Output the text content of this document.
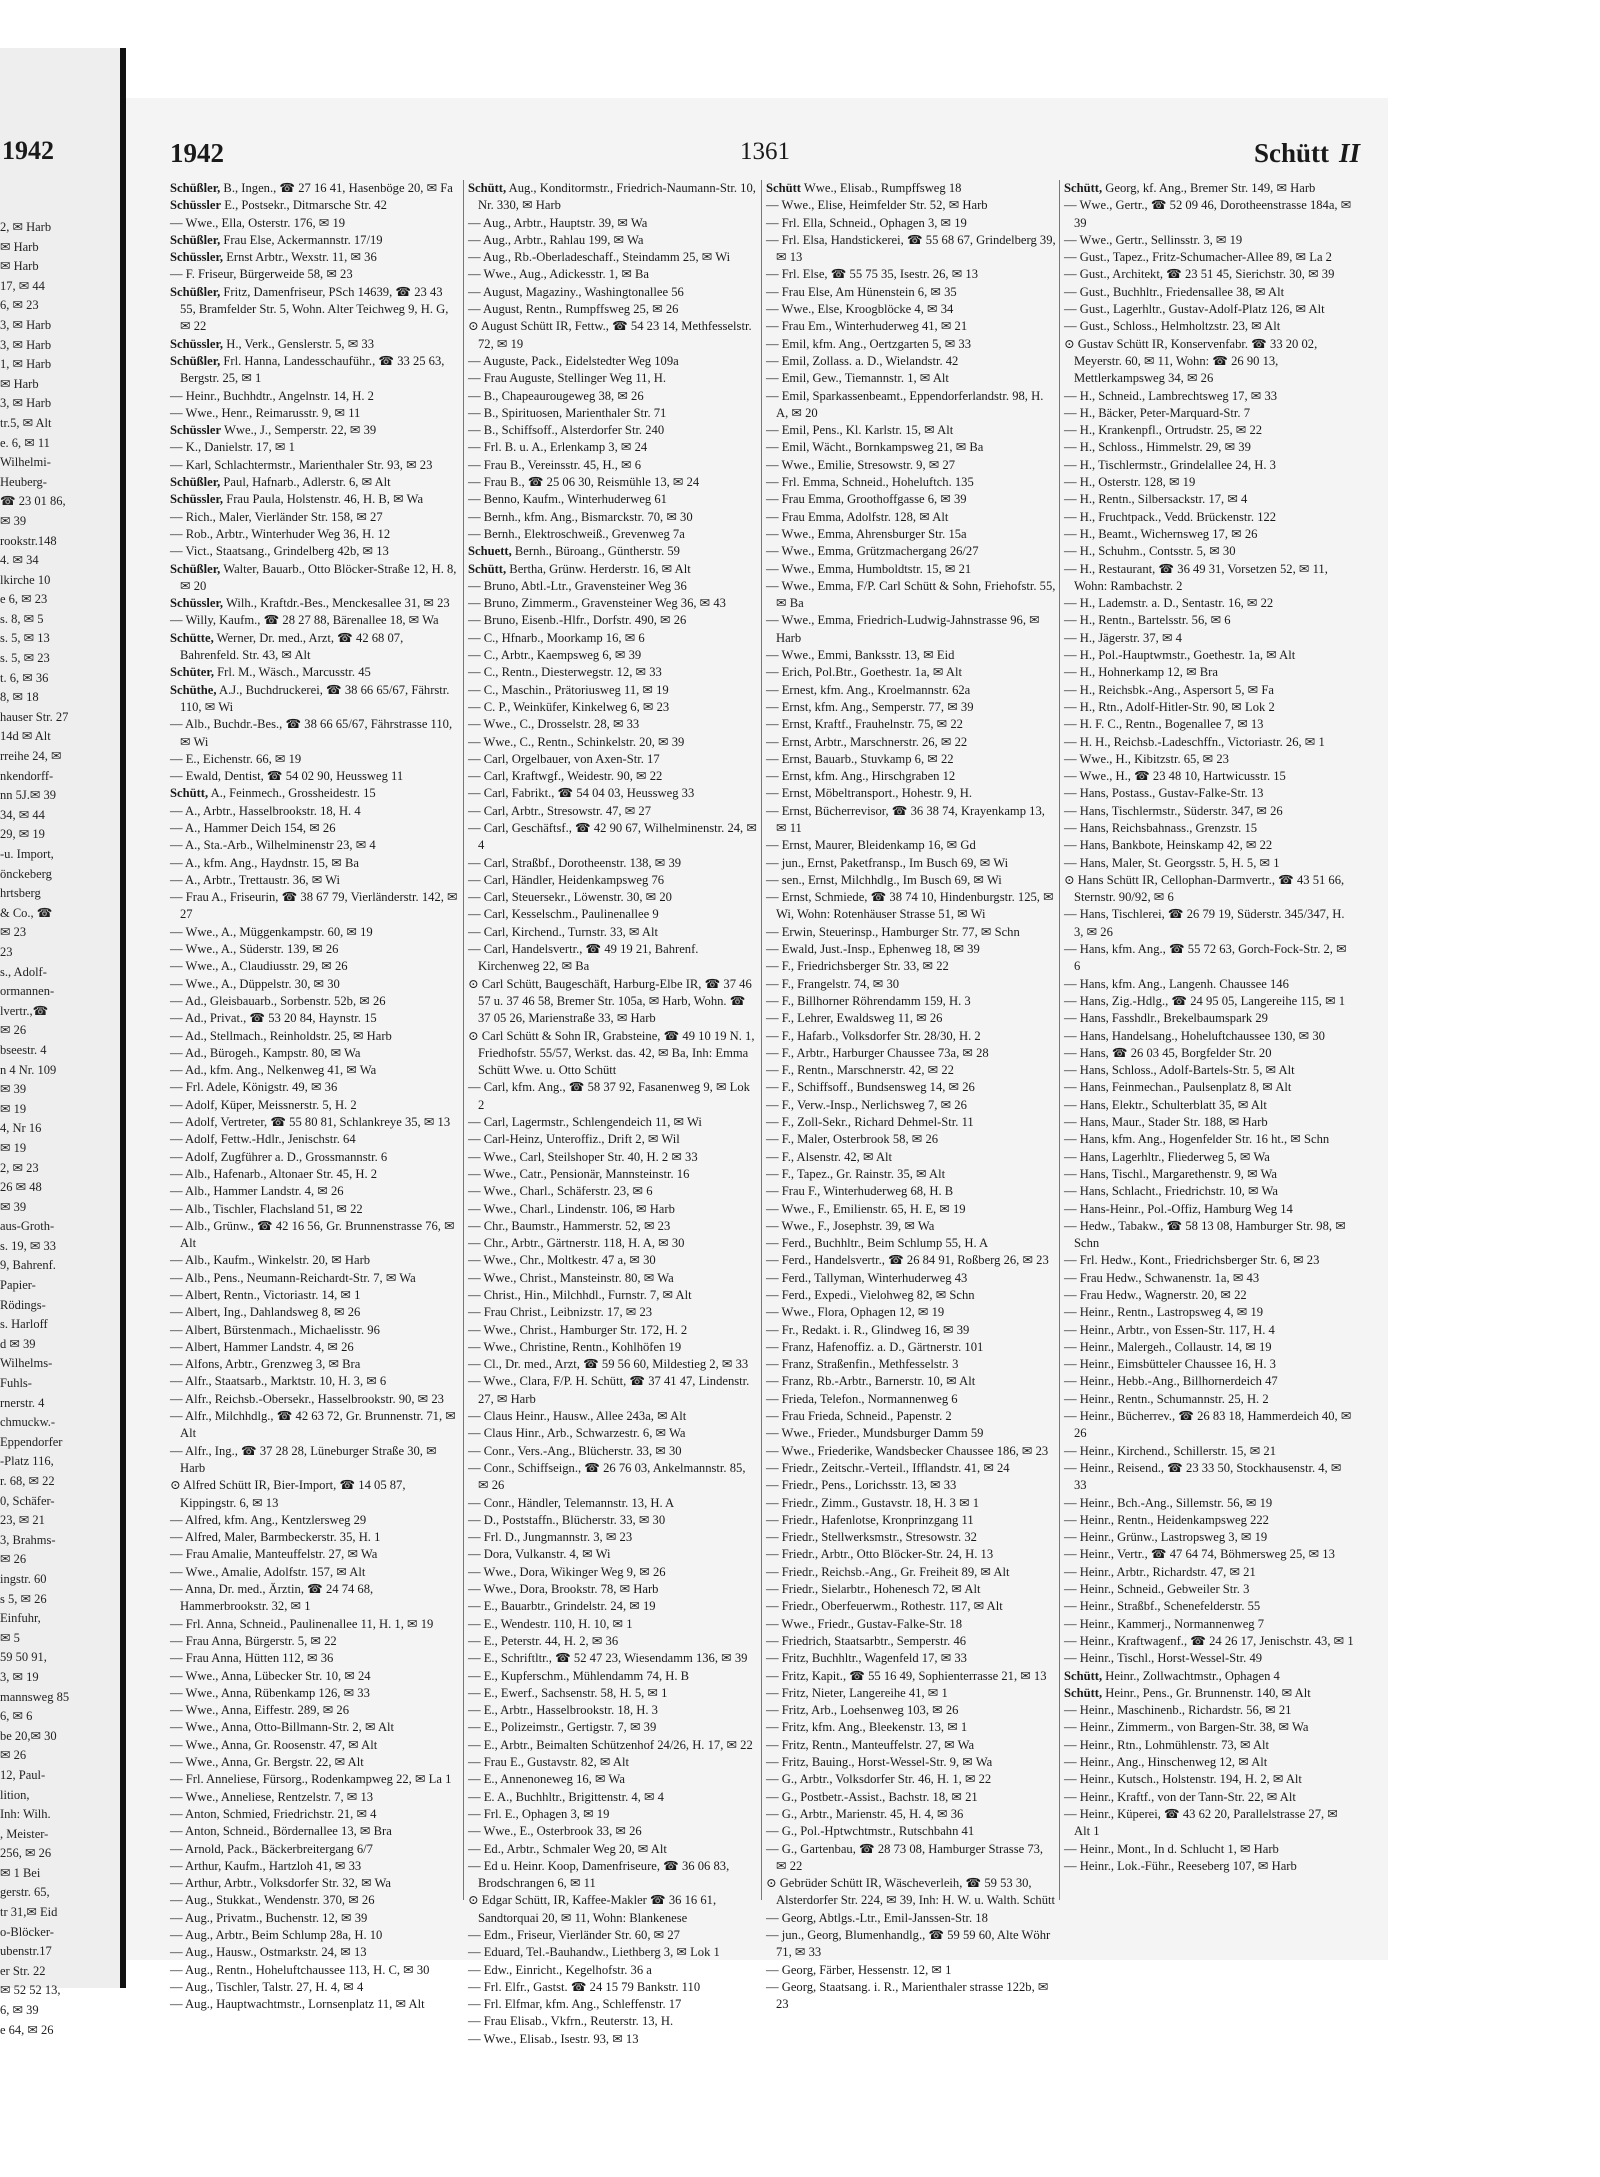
1942
2, ✉ Harb
✉ Harb
✉ Harb
17, ✉ 44
6, ✉ 23
3, ✉ Harb
3, ✉ Harb
1, ✉ Harb
✉ Harb
3, ✉ Harb
tr.5, ✉ Alt
e. 6, ✉ 11
Wilhelmi-
Heuberg-
☎ 23 01 86,
✉ 39
rookstr.148
4. ✉ 34
lkirche 10
e 6, ✉ 23
s. 8, ✉ 5
s. 5, ✉ 13
s. 5, ✉ 23
t. 6, ✉ 36
8, ✉ 18
hauser Str. 27
14d ✉ Alt
rreihe 24, ✉
nkendorff-
nn 5J.✉ 39
34, ✉ 44
29, ✉ 19
-u. Import,
önckeberg
hrtsberg
& Co., ☎
✉ 23
23
s., Adolf-
ormannen-
lvertr.,☎
✉ 26
bseestr. 4
n 4 Nr. 109
✉ 39
✉ 19
4, Nr 16
✉ 19
2, ✉ 23
26 ✉ 48
✉ 39
aus-Groth-
s. 19, ✉ 33
9, Bahrenf.
Papier-
Rödings-
s. Harloff
d ✉ 39
Wilhelms-
Fuhls-
rnerstr. 4
chmuckw.-
Eppendorfer
-Platz 116,
r. 68, ✉ 22
0, Schäfer-
23, ✉ 21
3, Brahms-
✉ 26
ingstr. 60
s 5, ✉ 26
Einfuhr,
✉ 5
59 50 91,
3, ✉ 19
mannsweg 85
6, ✉ 6
be 20,✉ 30
✉ 26
12, Paul-
lition,
Inh: Wilh.
, Meister-
256, ✉ 26
✉ 1 Bei
gerstr. 65,
tr 31,✉ Eid
o-Blöcker-
ubenstr.17
er Str. 22
✉ 52 52 13,
6, ✉ 39
e 64, ✉ 26
1942	1361	Schütt II
Schüßler, B., Ingen., ☎ 27 16 41, Hasenböge 20, ✉ Fa
Schüssler E., Postsekr., Ditmarsche Str. 42
— Wwe., Ella, Osterstr. 176, ✉ 19
Schüßler, Frau Else, Ackermannstr. 17/19
Schüssler, Ernst Arbtr., Wexstr. 11, ✉ 36
— F. Friseur, Bürgerweide 58, ✉ 23
Schüßler, Fritz, Damenfriseur, PSch 14639, ☎ 23 43 55, Bramfelder Str. 5, Wohn. Alter Teichweg 9, H. G, ✉ 22
Schüssler, H., Verk., Genslerstr. 5, ✉ 33
Schüßler, Frl. Hanna, Landesschauführ., ☎ 33 25 63, Bergstr. 25, ✉ 1
— Heinr., Buchhdtr., Angelnstr. 14, H. 2
— Wwe., Henr., Reimarusstr. 9, ✉ 11
Schüssler Wwe., J., Semperstr. 22, ✉ 39
— K., Danielstr. 17, ✉ 1
— Karl, Schlachtermstr., Marienthaler Str. 93, ✉ 23
Schüßler, Paul, Hafnarb., Adlerstr. 6, ✉ Alt
Schüssler, Frau Paula, Holstenstr. 46, H. B, ✉ Wa
— Rich., Maler, Vierländer Str. 158, ✉ 27
— Rob., Arbtr., Winterhuder Weg 36, H. 12
— Vict., Staatsang., Grindelberg 42b, ✉ 13
Schüßler, Walter, Bauarb., Otto Blöcker-Straße 12, H. 8, ✉ 20
Schüssler, Wilh., Kraftdr.-Bes., Menckesallee 31, ✉ 23
— Willy, Kaufm., ☎ 28 27 88, Bärenallee 18, ✉ Wa
Schütte, Werner, Dr. med., Arzt, ☎ 42 68 07, Bahrenfeld. Str. 43, ✉ Alt
Schüter, Frl. M., Wäsch., Marcusstr. 45
Schüthe, A.J., Buchdruckerei, ☎ 38 66 65/67, Fährstr. 110, ✉ Wi
— Alb., Buchdr.-Bes., ☎ 38 66 65/67, Fährstrasse 110, ✉ Wi
— E., Eichenstr. 66, ✉ 19
— Ewald, Dentist, ☎ 54 02 90, Heussweg 11
Schütt, A., Feinmech., Grossheidestr. 15
— A., Arbtr., Hasselbrookstr. 18, H. 4
— A., Hammer Deich 154, ✉ 26
— A., Sta.-Arb., Wilhelminenstr 23, ✉ 4
— A., kfm. Ang., Haydnstr. 15, ✉ Ba
— A., Arbtr., Trettaustr. 36, ✉ Wi
— Frau A., Friseurin, ☎ 38 67 79, Vierländerstr. 142, ✉ 27
— Wwe., A., Müggenkampstr. 60, ✉ 19
— Wwe., A., Süderstr. 139, ✉ 26
— Wwe., A., Claudiusstr. 29, ✉ 26
— Wwe., A., Düppelstr. 30, ✉ 30
— Ad., Gleisbauarb., Sorbenstr. 52b, ✉ 26
— Ad., Privat., ☎ 53 20 84, Haynstr. 15
— Ad., Stellmach., Reinholdstr. 25, ✉ Harb
— Ad., Bürogeh., Kampstr. 80, ✉ Wa
— Ad., kfm. Ang., Nelkenweg 41, ✉ Wa
— Frl. Adele, Königstr. 49, ✉ 36
— Adolf, Küper, Meissnerstr. 5, H. 2
— Adolf, Vertreter, ☎ 55 80 81, Schlankreye 35, ✉ 13
— Adolf, Fettw.-Hdlr., Jenischstr. 64
— Adolf, Zugführer a. D., Grossmannstr. 6
— Alb., Hafenarb., Altonaer Str. 45, H. 2
— Alb., Hammer Landstr. 4, ✉ 26
— Alb., Tischler, Flachsland 51, ✉ 22
— Alb., Grünw., ☎ 42 16 56, Gr. Brunnenstrasse 76, ✉ Alt
— Alb., Kaufm., Winkelstr. 20, ✉ Harb
— Alb., Pens., Neumann-Reichardt-Str. 7, ✉ Wa
— Albert, Rentn., Victoriastr. 14, ✉ 1
— Albert, Ing., Dahlandsweg 8, ✉ 26
— Albert, Bürstenmach., Michaelisstr. 96
— Albert, Hammer Landstr. 4, ✉ 26
— Alfons, Arbtr., Grenzweg 3, ✉ Bra
— Alfr., Staatsarb., Marktstr. 10, H. 3, ✉ 6
— Alfr., Reichsb.-Obersekr., Hasselbrookstr. 90, ✉ 23
— Alfr., Milchhdlg., ☎ 42 63 72, Gr. Brunnenstr. 71, ✉ Alt
— Alfr., Ing., ☎ 37 28 28, Lüneburger Straße 30, ✉ Harb
⊙ Alfred Schütt IR, Bier-Import, ☎ 14 05 87, Kippingstr. 6, ✉ 13
— Alfred, kfm. Ang., Kentzlersweg 29
— Alfred, Maler, Barmbeckerstr. 35, H. 1
— Frau Amalie, Manteuffelstr. 27, ✉ Wa
— Wwe., Amalie, Adolfstr. 157, ✉ Alt
— Anna, Dr. med., Ärztin, ☎ 24 74 68, Hammerbrookstr. 32, ✉ 1
— Frl. Anna, Schneid., Paulinenallee 11, H. 1, ✉ 19
— Frau Anna, Bürgerstr. 5, ✉ 22
— Frau Anna, Hütten 112, ✉ 36
— Wwe., Anna, Lübecker Str. 10, ✉ 24
— Wwe., Anna, Rübenkamp 126, ✉ 33
— Wwe., Anna, Eiffestr. 289, ✉ 26
— Wwe., Anna, Otto-Billmann-Str. 2, ✉ Alt
— Wwe., Anna, Gr. Roosenstr. 47, ✉ Alt
— Wwe., Anna, Gr. Bergstr. 22, ✉ Alt
— Frl. Anneliese, Fürsorg., Rodenkampweg 22, ✉ La 1
— Wwe., Anneliese, Rentzelstr. 7, ✉ 13
— Anton, Schmied, Friedrichstr. 21, ✉ 4
— Anton, Schneid., Bördernallee 13, ✉ Bra
— Arnold, Pack., Bäckerbreitergang 6/7
— Arthur, Kaufm., Hartzloh 41, ✉ 33
— Arthur, Arbtr., Volksdorfer Str. 32, ✉ Wa
— Aug., Stukkat., Wendenstr. 370, ✉ 26
— Aug., Privatm., Buchenstr. 12, ✉ 39
— Aug., Arbtr., Beim Schlump 28a, H. 10
— Aug., Hausw., Ostmarkstr. 24, ✉ 13
— Aug., Rentn., Hoheluftchaussee 113, H. C, ✉ 30
— Aug., Tischler, Talstr. 27, H. 4, ✉ 4
— Aug., Hauptwachtmstr., Lornsenplatz 11, ✉ Alt
Schütt, Aug., Konditormstr., Friedrich-Naumann-Str. 10, Nr. 330, ✉ Harb
— Aug., Arbtr., Hauptstr. 39, ✉ Wa
— Aug., Arbtr., Rahlau 199, ✉ Wa
— Aug., Rb.-Oberladeschaff., Steindamm 25, ✉ Wi
— Wwe., Aug., Adickesstr. 1, ✉ Ba
— August, Magaziny., Washingtonallee 56
— August, Rentn., Rumpffsweg 25, ✉ 26
⊙ August Schütt IR, Fettw., ☎ 54 23 14, Methfesselstr. 72, ✉ 19
— Auguste, Pack., Eidelstedter Weg 109a
— Frau Auguste, Stellinger Weg 11, H.
— B., Chapeaurougeweg 38, ✉ 26
— B., Spirituosen, Marienthaler Str. 71
— B., Schiffsoff., Alsterdorfer Str. 240
— Frl. B. u. A., Erlenkamp 3, ✉ 24
— Frau B., Vereinsstr. 45, H., ✉ 6
— Frau B., ☎ 25 06 30, Reismühle 13, ✉ 24
— Benno, Kaufm., Winterhuderweg 61
— Bernh., kfm. Ang., Bismarckstr. 70, ✉ 30
— Bernh., Elektroschweiß., Grevenweg 7a
Schuett, Bernh., Büroang., Güntherstr. 59
Schütt, Bertha, Grünw. Herderstr. 16, ✉ Alt
— Bruno, Abtl.-Ltr., Gravensteiner Weg 36
— Bruno, Zimmerm., Gravensteiner Weg 36, ✉ 43
— Bruno, Eisenb.-Hlfr., Dorfstr. 490, ✉ 26
— C., Hfnarb., Moorkamp 16, ✉ 6
— C., Arbtr., Kaempsweg 6, ✉ 39
— C., Rentn., Diesterwegstr. 12, ✉ 33
— C., Maschin., Prätoriusweg 11, ✉ 19
— C. P., Weinküfer, Kinkelweg 6, ✉ 23
— Wwe., C., Drosselstr. 28, ✉ 33
— Wwe., C., Rentn., Schinkelstr. 20, ✉ 39
— Carl, Orgelbauer, von Axen-Str. 17
— Carl, Kraftwgf., Weidestr. 90, ✉ 22
— Carl, Fabrikt., ☎ 54 04 03, Heussweg 33
— Carl, Arbtr., Stresowstr. 47, ✉ 27
— Carl, Geschäftsf., ☎ 42 90 67, Wilhelminenstr. 24, ✉ 4
— Carl, Straßbf., Dorotheenstr. 138, ✉ 39
— Carl, Händler, Heidenkampsweg 76
— Carl, Steuersekr., Löwenstr. 30, ✉ 20
— Carl, Kesselschm., Paulinenallee 9
— Carl, Kirchend., Turnstr. 33, ✉ Alt
— Carl, Handelsvertr., ☎ 49 19 21, Bahrenf. Kirchenweg 22, ✉ Ba
⊙ Carl Schütt, Baugeschäft, Harburg-Elbe IR, ☎ 37 46 57 u. 37 46 58, Bremer Str. 105a, ✉ Harb, Wohn. ☎ 37 05 26, Marienstraße 33, ✉ Harb
⊙ Carl Schütt & Sohn IR, Grabsteine, ☎ 49 10 19 N. 1, Friedhofstr. 55/57, Werkst. das. 42, ✉ Ba, Inh: Emma Schütt Wwe. u. Otto Schütt
— Carl, kfm. Ang., ☎ 58 37 92, Fasanenweg 9, ✉ Lok 2
— Carl, Lagermstr., Schlengendeich 11, ✉ Wi
— Carl-Heinz, Unteroffiz., Drift 2, ✉ Wil
— Wwe., Carl, Steilshoper Str. 40, H. 2 ✉ 33
— Wwe., Catr., Pensionär, Mannsteinstr. 16
— Wwe., Charl., Schäferstr. 23, ✉ 6
— Wwe., Charl., Lindenstr. 106, ✉ Harb
— Chr., Baumstr., Hammerstr. 52, ✉ 23
— Chr., Arbtr., Gärtnerstr. 118, H. A, ✉ 30
— Wwe., Chr., Moltkestr. 47 a, ✉ 30
— Wwe., Christ., Mansteinstr. 80, ✉ Wa
— Christ., Hin., Milchhdl., Furnstr. 7, ✉ Alt
— Frau Christ., Leibnizstr. 17, ✉ 23
— Wwe., Christ., Hamburger Str. 172, H. 2
— Wwe., Christine, Rentn., Kohlhöfen 19
— Cl., Dr. med., Arzt, ☎ 59 56 60, Mildestieg 2, ✉ 33
— Wwe., Clara, F/P. H. Schütt, ☎ 37 41 47, Lindenstr. 27, ✉ Harb
— Claus Heinr., Hausw., Allee 243a, ✉ Alt
— Claus Hinr., Arb., Schwarzestr. 6, ✉ Wa
— Conr., Vers.-Ang., Blücherstr. 33, ✉ 30
— Conr., Schiffseign., ☎ 26 76 03, Ankelmannstr. 85, ✉ 26
— Conr., Händler, Telemannstr. 13, H. A
— D., Poststaffn., Blücherstr. 33, ✉ 30
— Frl. D., Jungmannstr. 3, ✉ 23
— Dora, Vulkanstr. 4, ✉ Wi
— Wwe., Dora, Wikinger Weg 9, ✉ 26
— Wwe., Dora, Brookstr. 78, ✉ Harb
— E., Bauarbtr., Grindelstr. 24, ✉ 19
— E., Wendestr. 110, H. 10, ✉ 1
— E., Peterstr. 44, H. 2, ✉ 36
— E., Schriftltr., ☎ 52 47 23, Wiesendamm 136, ✉ 39
— E., Kupferschm., Mühlendamm 74, H. B
— E., Ewerf., Sachsenstr. 58, H. 5, ✉ 1
— E., Arbtr., Hasselbrookstr. 18, H. 3
— E., Polizeimstr., Gertigstr. 7, ✉ 39
— E., Arbtr., Beimalten Schützenhof 24/26, H. 17, ✉ 22
— Frau E., Gustavstr. 82, ✉ Alt
— E., Annenoneweg 16, ✉ Wa
— E. A., Buchhltr., Brigittenstr. 4, ✉ 4
— Frl. E., Ophagen 3, ✉ 19
— Wwe., E., Osterbrook 33, ✉ 26
— Ed., Arbtr., Schmaler Weg 20, ✉ Alt
— Ed u. Heinr. Koop, Damenfriseure, ☎ 36 06 83, Brodschrangen 6, ✉ 11
⊙ Edgar Schütt, IR, Kaffee-Makler ☎ 36 16 61, Sandtorquai 20, ✉ 11, Wohn: Blankenese
— Edm., Friseur, Vierländer Str. 60, ✉ 27
— Eduard, Tel.-Bauhandw., Liethberg 3, ✉ Lok 1
— Edw., Einricht., Kegelhofstr. 36 a
— Frl. Elfr., Gastst. ☎ 24 15 79 Bankstr. 110
— Frl. Elfmar, kfm. Ang., Schleffenstr. 17
— Frau Elisab., Vkfrn., Reuterstr. 13, H.
— Wwe., Elisab., Isestr. 93, ✉ 13
Schütt Wwe., Elisab., Rumpffsweg 18
— Wwe., Elise, Heimfelder Str. 52, ✉ Harb
— Frl. Ella, Schneid., Ophagen 3, ✉ 19
— Frl. Elsa, Handstickerei, ☎ 55 68 67, Grindelberg 39, ✉ 13
— Frl. Else, ☎ 55 75 35, Isestr. 26, ✉ 13
— Frau Else, Am Hünenstein 6, ✉ 35
— Wwe., Else, Kroogblöcke 4, ✉ 34
— Frau Em., Winterhuderweg 41, ✉ 21
— Emil, kfm. Ang., Oertzgarten 5, ✉ 33
— Emil, Zollass. a. D., Wielandstr. 42
— Emil, Gew., Tiemannstr. 1, ✉ Alt
— Emil, Sparkassenbeamt., Eppendorferlandstr. 98, H. A, ✉ 20
— Emil, Pens., Kl. Karlstr. 15, ✉ Alt
— Emil, Wächt., Bornkampsweg 21, ✉ Ba
— Wwe., Emilie, Stresowstr. 9, ✉ 27
— Frl. Emma, Schneid., Hoheluftch. 135
— Frau Emma, Groothoffgasse 6, ✉ 39
— Frau Emma, Adolfstr. 128, ✉ Alt
— Wwe., Emma, Ahrensburger Str. 15a
— Wwe., Emma, Grützmachergang 26/27
— Wwe., Emma, Humboldtstr. 15, ✉ 21
— Wwe., Emma, F/P. Carl Schütt & Sohn, Friehofstr. 55, ✉ Ba
— Wwe., Emma, Friedrich-Ludwig-Jahnstrasse 96, ✉ Harb
— Wwe., Emmi, Banksstr. 13, ✉ Eid
— Erich, Pol.Btr., Goethestr. 1a, ✉ Alt
— Ernest, kfm. Ang., Kroelmannstr. 62a
— Ernst, kfm. Ang., Semperstr. 77, ✉ 39
— Ernst, Kraftf., Frauhelnstr. 75, ✉ 22
— Ernst, Arbtr., Marschnerstr. 26, ✉ 22
— Ernst, Bauarb., Stuvkamp 6, ✉ 22
— Ernst, kfm. Ang., Hirschgraben 12
— Ernst, Möbeltransport., Hohestr. 9, H.
— Ernst, Bücherrevisor, ☎ 36 38 74, Krayenkamp 13, ✉ 11
— Ernst, Maurer, Bleidenkamp 16, ✉ Gd
— jun., Ernst, Paketfransp., Im Busch 69, ✉ Wi
— sen., Ernst, Milchhdlg., Im Busch 69, ✉ Wi
— Ernst, Schmiede, ☎ 38 74 10, Hindenburgstr. 125, ✉ Wi, Wohn: Rotenhäuser Strasse 51, ✉ Wi
— Erwin, Steuerinsp., Hamburger Str. 77, ✉ Schn
— Ewald, Just.-Insp., Ephenweg 18, ✉ 39
— F., Friedrichsberger Str. 33, ✉ 22
— F., Frangelstr. 74, ✉ 30
— F., Billhorner Röhrendamm 159, H. 3
— F., Lehrer, Ewaldsweg 11, ✉ 26
— F., Hafarb., Volksdorfer Str. 28/30, H. 2
— F., Arbtr., Harburger Chaussee 73a, ✉ 28
— F., Rentn., Marschnerstr. 42, ✉ 22
— F., Schiffsoff., Bundsensweg 14, ✉ 26
— F., Verw.-Insp., Nerlichsweg 7, ✉ 26
— F., Zoll-Sekr., Richard Dehmel-Str. 11
— F., Maler, Osterbrook 58, ✉ 26
— F., Alsenstr. 42, ✉ Alt
— F., Tapez., Gr. Rainstr. 35, ✉ Alt
— Frau F., Winterhuderweg 68, H. B
— Wwe., F., Emilienstr. 65, H. E, ✉ 19
— Wwe., F., Josephstr. 39, ✉ Wa
— Ferd., Buchhltr., Beim Schlump 55, H. A
— Ferd., Handelsvertr., ☎ 26 84 91, Roßberg 26, ✉ 23
— Ferd., Tallyman, Winterhuderweg 43
— Ferd., Expedi., Vielohweg 82, ✉ Schn
— Wwe., Flora, Ophagen 12, ✉ 19
— Fr., Redakt. i. R., Glindweg 16, ✉ 39
— Franz, Hafenoffiz. a. D., Gärtnerstr. 101
— Franz, Straßenfin., Methfesselstr. 3
— Franz, Rb.-Arbtr., Barnerstr. 10, ✉ Alt
— Frieda, Telefon., Normannenweg 6
— Frau Frieda, Schneid., Papenstr. 2
— Wwe., Frieder., Mundsburger Damm 59
— Wwe., Friederike, Wandsbecker Chaussee 186, ✉ 23
— Friedr., Zeitschr.-Verteil., Ifflandstr. 41, ✉ 24
— Friedr., Pens., Lorichsstr. 13, ✉ 33
— Friedr., Zimm., Gustavstr. 18, H. 3 ✉ 1
— Friedr., Hafenlotse, Kronprinzgang 11
— Friedr., Stellwerksmstr., Stresowstr. 32
— Friedr., Arbtr., Otto Blöcker-Str. 24, H. 13
— Friedr., Reichsb.-Ang., Gr. Freiheit 89, ✉ Alt
— Friedr., Sielarbtr., Hohenesch 72, ✉ Alt
— Friedr., Oberfeuerwm., Rothestr. 117, ✉ Alt
— Wwe., Friedr., Gustav-Falke-Str. 18
— Friedrich, Staatsarbtr., Semperstr. 46
— Fritz, Buchhltr., Wagenfeld 17, ✉ 33
— Fritz, Kapit., ☎ 55 16 49, Sophienterrasse 21, ✉ 13
— Fritz, Nieter, Langereihe 41, ✉ 1
— Fritz, Arb., Loehsenweg 103, ✉ 26
— Fritz, kfm. Ang., Bleekenstr. 13, ✉ 1
— Fritz, Rentn., Manteuffelstr. 27, ✉ Wa
— Fritz, Bauing., Horst-Wessel-Str. 9, ✉ Wa
— G., Arbtr., Volksdorfer Str. 46, H. 1, ✉ 22
— G., Postbetr.-Assist., Bachstr. 18, ✉ 21
— G., Arbtr., Marienstr. 45, H. 4, ✉ 36
— G., Pol.-Hptwchtmstr., Rutschbahn 41
— G., Gartenbau, ☎ 28 73 08, Hamburger Strasse 73, ✉ 22
⊙ Gebrüder Schütt IR, Wäscheverleih, ☎ 59 53 30, Alsterdorfer Str. 224, ✉ 39, Inh: H. W. u. Walth. Schütt
— Georg, Abtlgs.-Ltr., Emil-Janssen-Str. 18
— jun., Georg, Blumenhandlg., ☎ 59 59 60, Alte Wöhr 71, ✉ 33
— Georg, Färber, Hessenstr. 12, ✉ 1
— Georg, Staatsang. i. R., Marienthaler strasse 122b, ✉ 23
Schütt, Georg, kf. Ang., Bremer Str. 149, ✉ Harb
— Wwe., Gertr., ☎ 52 09 46, Dorotheenstrasse 184a, ✉ 39
— Wwe., Gertr., Sellinsstr. 3, ✉ 19
— Gust., Tapez., Fritz-Schumacher-Allee 89, ✉ La 2
— Gust., Architekt, ☎ 23 51 45, Sierichstr. 30, ✉ 39
— Gust., Buchhltr., Friedensallee 38, ✉ Alt
— Gust., Lagerhltr., Gustav-Adolf-Platz 126, ✉ Alt
— Gust., Schloss., Helmholtzstr. 23, ✉ Alt
⊙ Gustav Schütt IR, Konservenfabr. ☎ 33 20 02, Meyerstr. 60, ✉ 11, Wohn: ☎ 26 90 13, Mettlerkampsweg 34, ✉ 26
— H., Schneid., Lambrechtsweg 17, ✉ 33
— H., Bäcker, Peter-Marquard-Str. 7
— H., Krankenpfl., Ortrudstr. 25, ✉ 22
— H., Schloss., Himmelstr. 29, ✉ 39
— H., Tischlermstr., Grindelallee 24, H. 3
— H., Osterstr. 128, ✉ 19
— H., Rentn., Silbersackstr. 17, ✉ 4
— H., Fruchtpack., Vedd. Brückenstr. 122
— H., Beamt., Wichernsweg 17, ✉ 26
— H., Schuhm., Contsstr. 5, ✉ 30
— H., Restaurant, ☎ 36 49 31, Vorsetzen 52, ✉ 11, Wohn: Rambachstr. 2
— H., Lademstr. a. D., Sentastr. 16, ✉ 22
— H., Rentn., Bartelsstr. 56, ✉ 6
— H., Jägerstr. 37, ✉ 4
— H., Pol.-Hauptwmstr., Goethestr. 1a, ✉ Alt
— H., Hohnerkamp 12, ✉ Bra
— H., Reichsbk.-Ang., Aspersort 5, ✉ Fa
— H., Rtn., Adolf-Hitler-Str. 90, ✉ Lok 2
— H. F. C., Rentn., Bogenallee 7, ✉ 13
— H. H., Reichsb.-Ladeschffn., Victoriastr. 26, ✉ 1
— Wwe., H., Kibitzstr. 65, ✉ 23
— Wwe., H., ☎ 23 48 10, Hartwicusstr. 15
— Hans, Postass., Gustav-Falke-Str. 13
— Hans, Tischlermstr., Süderstr. 347, ✉ 26
— Hans, Reichsbahnass., Grenzstr. 15
— Hans, Bankbote, Heinskamp 42, ✉ 22
— Hans, Maler, St. Georgsstr. 5, H. 5, ✉ 1
⊙ Hans Schütt IR, Cellophan-Darmvertr., ☎ 43 51 66, Sternstr. 90/92, ✉ 6
— Hans, Tischlerei, ☎ 26 79 19, Süderstr. 345/347, H. 3, ✉ 26
— Hans, kfm. Ang., ☎ 55 72 63, Gorch-Fock-Str. 2, ✉ 6
— Hans, kfm. Ang., Langenh. Chaussee 146
— Hans, Zig.-Hdlg., ☎ 24 95 05, Langereihe 115, ✉ 1
— Hans, Fasshdlr., Brekelbaumspark 29
— Hans, Handelsang., Hoheluftchaussee 130, ✉ 30
— Hans, ☎ 26 03 45, Borgfelder Str. 20
— Hans, Schloss., Adolf-Bartels-Str. 5, ✉ Alt
— Hans, Feinmechan., Paulsenplatz 8, ✉ Alt
— Hans, Elektr., Schulterblatt 35, ✉ Alt
— Hans, Maur., Stader Str. 188, ✉ Harb
— Hans, kfm. Ang., Hogenfelder Str. 16 ht., ✉ Schn
— Hans, Lagerhltr., Fliederweg 5, ✉ Wa
— Hans, Tischl., Margarethenstr. 9, ✉ Wa
— Hans, Schlacht., Friedrichstr. 10, ✉ Wa
— Hans-Heinr., Pol.-Offiz, Hamburg Weg 14
— Hedw., Tabakw., ☎ 58 13 08, Hamburger Str. 98, ✉ Schn
— Frl. Hedw., Kont., Friedrichsberger Str. 6, ✉ 23
— Frau Hedw., Schwanenstr. 1a, ✉ 43
— Frau Hedw., Wagnerstr. 20, ✉ 22
— Heinr., Rentn., Lastropsweg 4, ✉ 19
— Heinr., Arbtr., von Essen-Str. 117, H. 4
— Heinr., Malergeh., Collaustr. 14, ✉ 19
— Heinr., Eimsbütteler Chaussee 16, H. 3
— Heinr., Hebb.-Ang., Billhornerdeich 47
— Heinr., Rentn., Schumannstr. 25, H. 2
— Heinr., Bücherrev., ☎ 26 83 18, Hammerdeich 40, ✉ 26
— Heinr., Kirchend., Schillerstr. 15, ✉ 21
— Heinr., Reisend., ☎ 23 33 50, Stockhausenstr. 4, ✉ 33
— Heinr., Bch.-Ang., Sillemstr. 56, ✉ 19
— Heinr., Rentn., Heidenkampsweg 222
— Heinr., Grünw., Lastropsweg 3, ✉ 19
— Heinr., Vertr., ☎ 47 64 74, Böhmersweg 25, ✉ 13
— Heinr., Arbtr., Richardstr. 47, ✉ 21
— Heinr., Schneid., Gebweiler Str. 3
— Heinr., Straßbf., Schenefelderstr. 55
— Heinr., Kammerj., Normannenweg 7
— Heinr., Kraftwagenf., ☎ 24 26 17, Jenischstr. 43, ✉ 1
— Heinr., Tischl., Horst-Wessel-Str. 49
Schütt, Heinr., Zollwachtmstr., Ophagen 4
Schütt, Heinr., Pens., Gr. Brunnenstr. 140, ✉ Alt
— Heinr., Maschinenb., Richardstr. 56, ✉ 21
— Heinr., Zimmerm., von Bargen-Str. 38, ✉ Wa
— Heinr., Rtn., Lohmühlenstr. 73, ✉ Alt
— Heinr., Ang., Hinschenweg 12, ✉ Alt
— Heinr., Kutsch., Holstenstr. 194, H. 2, ✉ Alt
— Heinr., Kraftf., von der Tann-Str. 22, ✉ Alt
— Heinr., Küperei, ☎ 43 62 20, Parallelstrasse 27, ✉ Alt 1
— Heinr., Mont., In d. Schlucht 1, ✉ Harb
— Heinr., Lok.-Führ., Reeseberg 107, ✉ Harb
